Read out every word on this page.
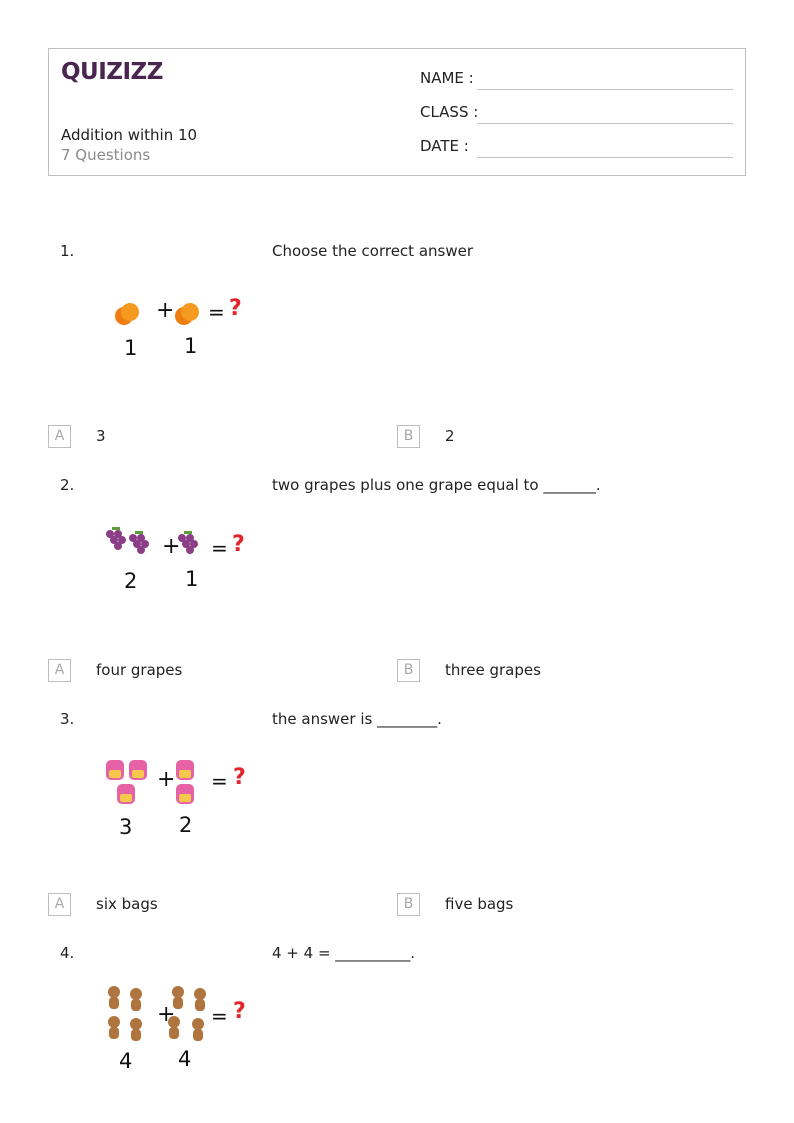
QUIZIZZ
Addition within 10
7 Questions
NAME :
CLASS :
DATE :
1.	Choose the correct answer
+ = ?
1 1
A	3	B	2
2.	two grapes plus one grape equal to _______.
+ = ?
2 1
A	four grapes	B	three grapes
3.	the answer is ________.
+ = ?
3 2
A	six bags	B	five bags
4.	4 + 4 = __________.
+ = ?
4 4
